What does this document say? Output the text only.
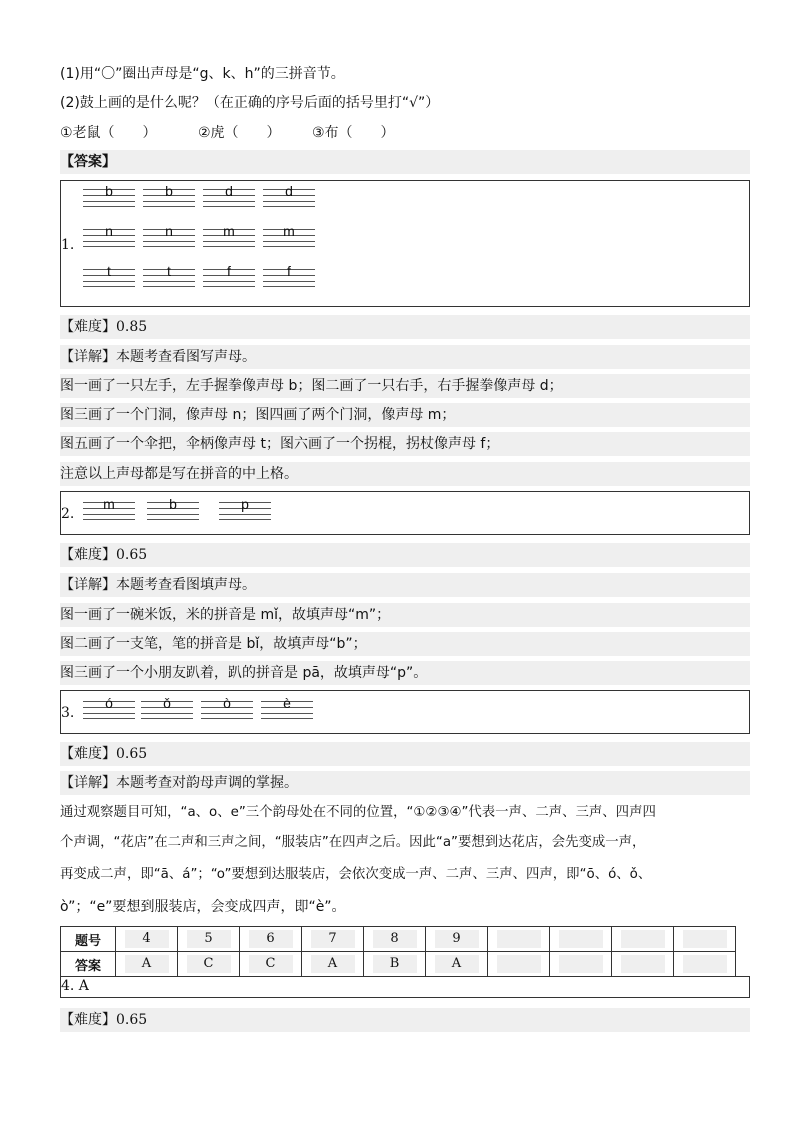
(1)用“〇”圈出声母是“g、k、h”的三拼音节。
(2)鼓上画的是什么呢？（在正确的序号后面的括号里打“√”）
①老鼠（　　）	②虎（　　） ③布（　　）
【答案】
1.
b	b	d	d
n	n	m	m
t	t	f	f
【难度】0.85
【详解】本题考查看图写声母。
图一画了一只左手，左手握拳像声母 b；图二画了一只右手，右手握拳像声母 d；
图三画了一个门洞，像声母 n；图四画了两个门洞，像声母 m；
图五画了一个伞把，伞柄像声母 t；图六画了一个拐棍，拐杖像声母 f；
注意以上声母都是写在拼音的中上格。
2.
m	b	p
【难度】0.65
【详解】本题考查看图填声母。
图一画了一碗米饭，米的拼音是 mǐ，故填声母“m”；
图二画了一支笔，笔的拼音是 bǐ，故填声母“b”；
图三画了一个小朋友趴着，趴的拼音是 pā，故填声母“p”。
3.
ó	ǒ	ò	è
【难度】0.65
【详解】本题考查对韵母声调的掌握。
通过观察题目可知，“a、o、e”三个韵母处在不同的位置，“①②③④”代表一声、二声、三声、四声四
个声调，“花店”在二声和三声之间，“服装店”在四声之后。因此“a”要想到达花店，会先变成一声，
再变成二声，即“ā、á”；“o”要想到达服装店，会依次变成一声、二声、三声、四声，即“ō、ó、ǒ、
ò”；“e”要想到服装店，会变成四声，即“è”。
题号	4	5	6	7	8	9				
答案	A	C	C	A	B	A				
4. A
【难度】0.65
